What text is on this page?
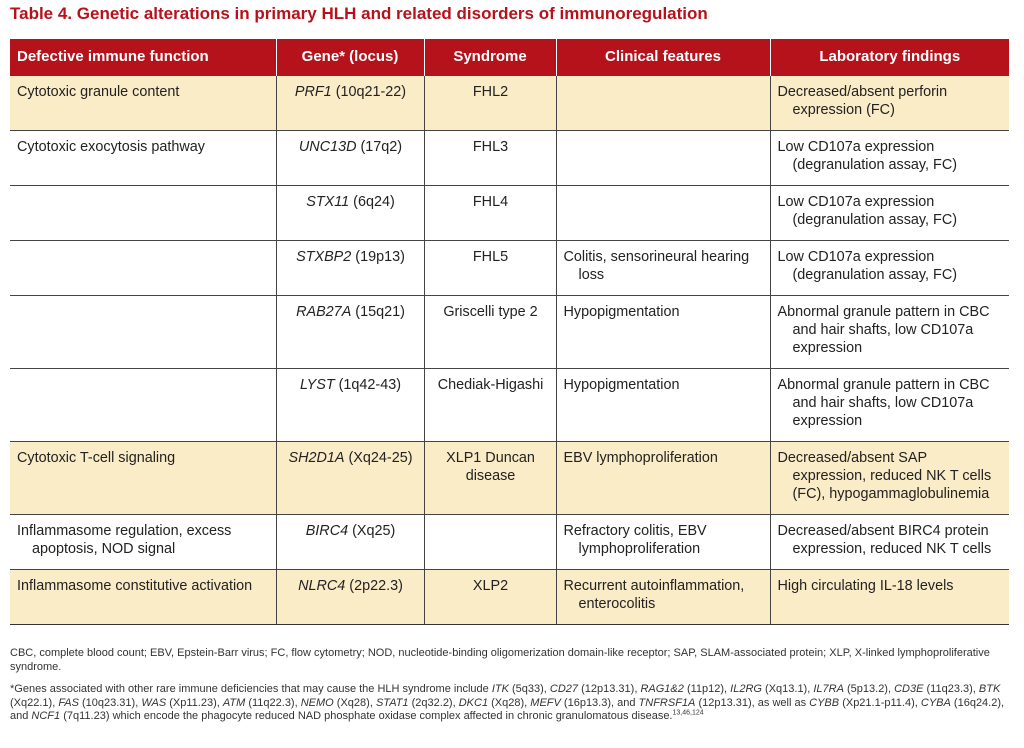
Table 4. Genetic alterations in primary HLH and related disorders of immunoregulation
Defective immune function	Gene* (locus)	Syndrome	Clinical features	Laboratory findings

Cytotoxic granule content	PRF1 (10q21-22)	FHL2		Decreased/absent perforin expression (FC)

Cytotoxic exocytosis pathway	UNC13D (17q2)	FHL3		Low CD107a expression (degranulation assay, FC)

	STX11 (6q24)	FHL4		Low CD107a expression (degranulation assay, FC)

	STXBP2 (19p13)	FHL5	Colitis, sensorineural hearing loss	Low CD107a expression (degranulation assay, FC)

	RAB27A (15q21)	Griscelli type 2	Hypopigmentation	Abnormal granule pattern in CBC and hair shafts, low CD107a expression

	LYST (1q42-43)	Chediak-Higashi	Hypopigmentation	Abnormal granule pattern in CBC and hair shafts, low CD107a expression

Cytotoxic T-cell signaling	SH2D1A (Xq24-25)	XLP1 Duncan disease	EBV lymphoproliferation	Decreased/absent SAP expression, reduced NK T cells (FC), hypogammaglobulinemia

Inflammasome regulation, excess apoptosis, NOD signal	BIRC4 (Xq25)		Refractory colitis, EBV lymphoproliferation	Decreased/absent BIRC4 protein expression, reduced NK T cells

Inflammasome constitutive activation	NLRC4 (2p22.3)	XLP2	Recurrent autoinflammation, enterocolitis	High circulating IL-18 levels
CBC, complete blood count; EBV, Epstein-Barr virus; FC, flow cytometry; NOD, nucleotide-binding oligomerization domain-like receptor; SAP, SLAM-associated protein; XLP, X-linked lymphoproliferative syndrome.
*Genes associated with other rare immune deficiencies that may cause the HLH syndrome include ITK (5q33), CD27 (12p13.31), RAG1&2 (11p12), IL2RG (Xq13.1), IL7RA (5p13.2), CD3E (11q23.3), BTK (Xq22.1), FAS (10q23.31), WAS (Xp11.23), ATM (11q22.3), NEMO (Xq28), STAT1 (2q32.2), DKC1 (Xq28), MEFV (16p13.3), and TNFRSF1A (12p13.31), as well as CYBB (Xp21.1-p11.4), CYBA (16q24.2), and NCF1 (7q11.23) which encode the phagocyte reduced NAD phosphate oxidase complex affected in chronic granulomatous disease.$^{13,46,124}$
